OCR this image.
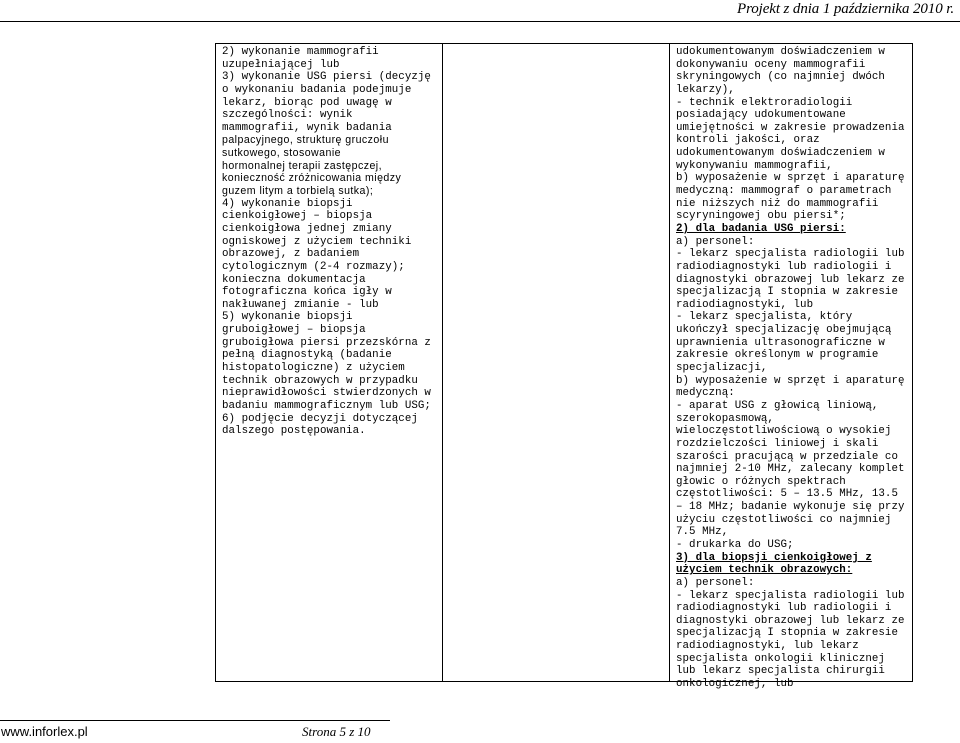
Projekt z dnia 1 października 2010 r.
2) wykonanie mammografii
uzupełniającej lub
3) wykonanie USG piersi (decyzję
o wykonaniu badania podejmuje
lekarz, biorąc pod uwagę w
szczególności: wynik
mammografii, wynik badania
palpacyjnego, strukturę gruczołu
sutkowego, stosowanie
hormonalnej terapii zastępczej,
konieczność zróżnicowania między
guzem litym a torbielą sutka);
4) wykonanie biopsji
cienkoigłowej – biopsja
cienkoigłowa jednej zmiany
ogniskowej z użyciem techniki
obrazowej, z badaniem
cytologicznym (2-4 rozmazy);
konieczna dokumentacja
fotograficzna końca igły w
nakłuwanej zmianie - lub
5) wykonanie biopsji
gruboigłowej – biopsja
gruboigłowa piersi przezskórna z
pełną diagnostyką (badanie
histopatologiczne) z użyciem
technik obrazowych w przypadku
nieprawidłowości stwierdzonych w
badaniu mammograficznym lub USG;
6) podjęcie decyzji dotyczącej
dalszego postępowania.
udokumentowanym doświadczeniem w
dokonywaniu oceny mammografii
skryningowych (co najmniej dwóch
lekarzy),
- technik elektroradiologii
posiadający udokumentowane
umiejętności w zakresie prowadzenia
kontroli jakości, oraz
udokumentowanym doświadczeniem w
wykonywaniu mammografii,
b) wyposażenie w sprzęt i aparaturę
medyczną: mammograf o parametrach
nie niższych niż do mammografii
scyryningowej obu piersi*;
2) dla badania USG piersi:
a) personel:
- lekarz specjalista radiologii lub
radiodiagnostyki lub radiologii i
diagnostyki obrazowej lub lekarz ze
specjalizacją I stopnia w zakresie
radiodiagnostyki, lub
- lekarz specjalista, który
ukończył specjalizację obejmującą
uprawnienia ultrasonograficzne w
zakresie określonym w programie
specjalizacji,
b) wyposażenie w sprzęt i aparaturę
medyczną:
- aparat USG z głowicą liniową,
szerokopasmową,
wieloczęstotliwościową o wysokiej
rozdzielczości liniowej i skali
szarości pracującą w przedziale co
najmniej 2-10 MHz, zalecany komplet
głowic o różnych spektrach
częstotliwości: 5 – 13.5 MHz, 13.5
– 18 MHz; badanie wykonuje się przy
użyciu częstotliwości co najmniej
7.5 MHz,
- drukarka do USG;
3) dla biopsji cienkoigłowej z
użyciem technik obrazowych:
a) personel:
- lekarz specjalista radiologii lub
radiodiagnostyki lub radiologii i
diagnostyki obrazowej lub lekarz ze
specjalizacją I stopnia w zakresie
radiodiagnostyki, lub lekarz
specjalista onkologii klinicznej
lub lekarz specjalista chirurgii
onkologicznej, lub
www.inforlex.pl	Strona 5 z 10
